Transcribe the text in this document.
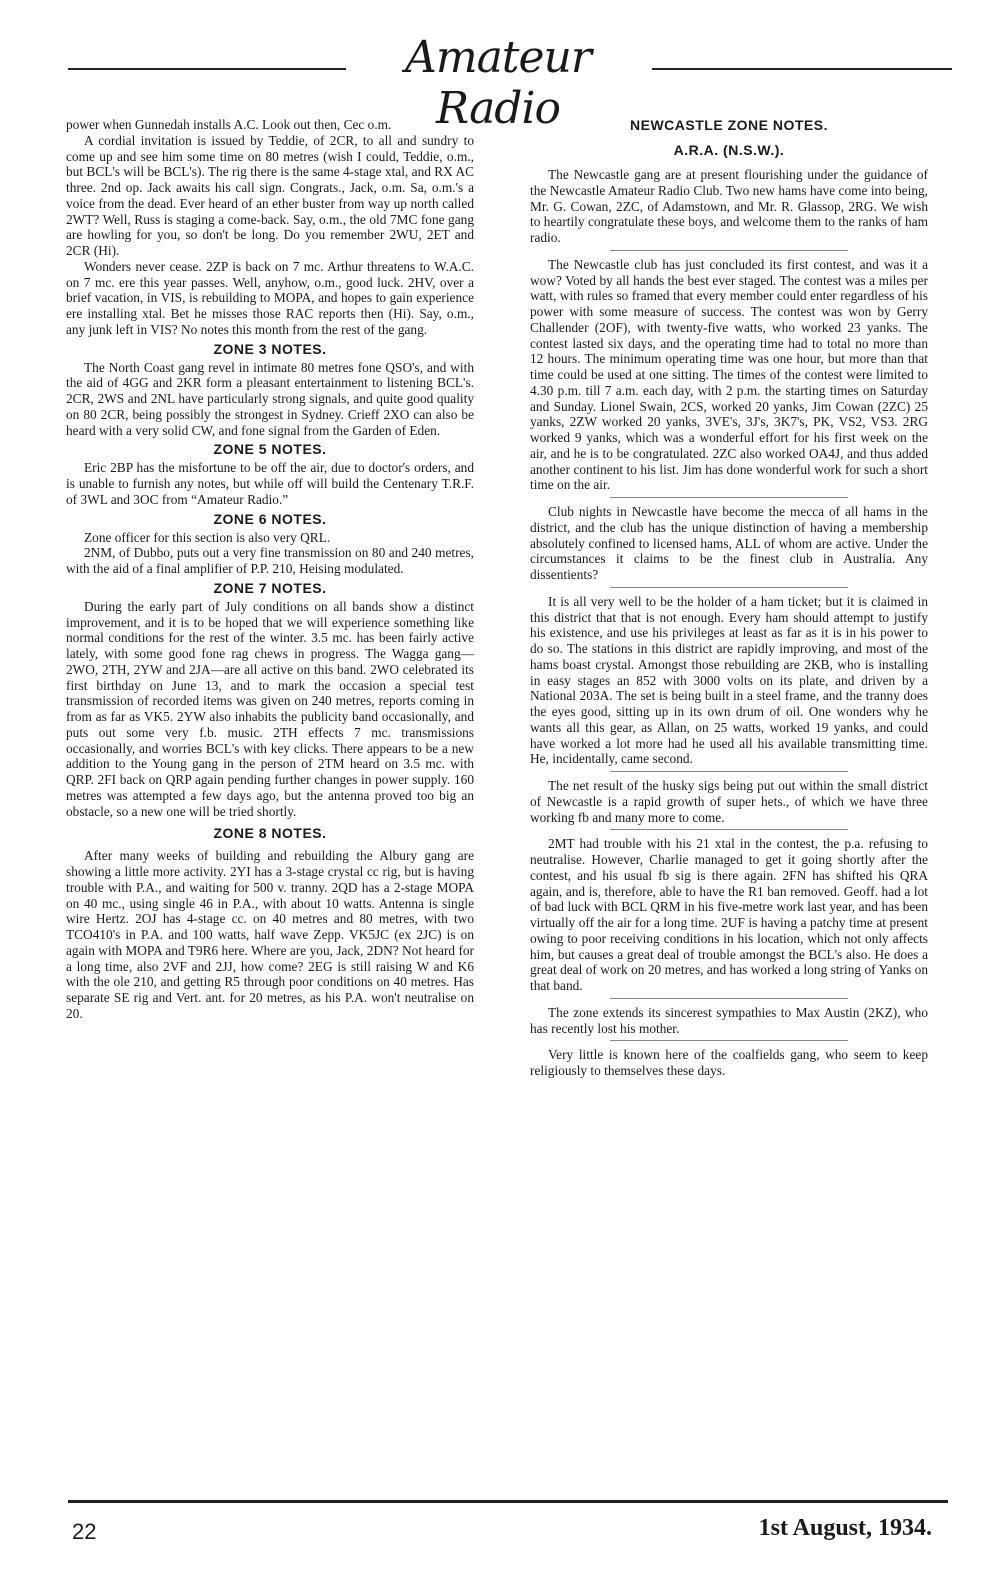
Amateur Radio

power when Gunnedah installs A.C. Look out then, Cec o.m.

A cordial invitation is issued by Teddie, of 2CR, to all and sundry to come up and see him some time on 80 metres (wish I could, Teddie, o.m., but BCL's will be BCL's). The rig there is the same 4-stage xtal, and RX AC three. 2nd op. Jack awaits his call sign. Congrats., Jack, o.m. Sa, o.m.'s a voice from the dead. Ever heard of an ether buster from way up north called 2WT? Well, Russ is staging a come-back. Say, o.m., the old 7MC fone gang are howling for you, so don't be long. Do you remember 2WU, 2ET and 2CR (Hi).

Wonders never cease. 2ZP is back on 7 mc. Arthur threatens to W.A.C. on 7 mc. ere this year passes. Well, anyhow, o.m., good luck. 2HV, over a brief vacation, in VIS, is rebuilding to MOPA, and hopes to gain experience ere installing xtal. Bet he misses those RAC reports then (Hi). Say, o.m., any junk left in VIS? No notes this month from the rest of the gang.

ZONE 3 NOTES.

The North Coast gang revel in intimate 80 metres fone QSO's, and with the aid of 4GG and 2KR form a pleasant entertainment to listening BCL's. 2CR, 2WS and 2NL have particularly strong signals, and quite good quality on 80 2CR, being possibly the strongest in Sydney. Crieff 2XO can also be heard with a very solid CW, and fone signal from the Garden of Eden.

ZONE 5 NOTES.

Eric 2BP has the misfortune to be off the air, due to doctor's orders, and is unable to furnish any notes, but while off will build the Centenary T.R.F. of 3WL and 3OC from “Amateur Radio.”

ZONE 6 NOTES.

Zone officer for this section is also very QRL.

2NM, of Dubbo, puts out a very fine transmission on 80 and 240 metres, with the aid of a final amplifier of P.P. 210, Heising modulated.

ZONE 7 NOTES.

During the early part of July conditions on all bands show a distinct improvement, and it is to be hoped that we will experience something like normal conditions for the rest of the winter. 3.5 mc. has been fairly active lately, with some good fone rag chews in progress. The Wagga gang—2WO, 2TH, 2YW and 2JA—are all active on this band. 2WO celebrated its first birthday on June 13, and to mark the occasion a special test transmission of recorded items was given on 240 metres, reports coming in from as far as VK5. 2YW also inhabits the publicity band occasionally, and puts out some very f.b. music. 2TH effects 7 mc. transmissions occasionally, and worries BCL's with key clicks. There appears to be a new addition to the Young gang in the person of 2TM heard on 3.5 mc. with QRP. 2FI back on QRP again pending further changes in power supply. 160 metres was attempted a few days ago, but the antenna proved too big an obstacle, so a new one will be tried shortly.

ZONE 8 NOTES.

After many weeks of building and rebuilding the Albury gang are showing a little more activity. 2YI has a 3-stage crystal cc rig, but is having trouble with P.A., and waiting for 500 v. tranny. 2QD has a 2-stage MOPA on 40 mc., using single 46 in P.A., with about 10 watts. Antenna is single wire Hertz. 2OJ has 4-stage cc. on 40 metres and 80 metres, with two TCO410's in P.A. and 100 watts, half wave Zepp. VK5JC (ex 2JC) is on again with MOPA and T9R6 here. Where are you, Jack, 2DN? Not heard for a long time, also 2VF and 2JJ, how come? 2EG is still raising W and K6 with the ole 210, and getting R5 through poor conditions on 40 metres. Has separate SE rig and Vert. ant. for 20 metres, as his P.A. won't neutralise on 20.

NEWCASTLE ZONE NOTES.
A.R.A. (N.S.W.).

The Newcastle gang are at present flourishing under the guidance of the Newcastle Amateur Radio Club. Two new hams have come into being, Mr. G. Cowan, 2ZC, of Adamstown, and Mr. R. Glassop, 2RG. We wish to heartily congratulate these boys, and welcome them to the ranks of ham radio.

The Newcastle club has just concluded its first contest, and was it a wow? Voted by all hands the best ever staged. The contest was a miles per watt, with rules so framed that every member could enter regardless of his power with some measure of success. The contest was won by Gerry Challender (2OF), with twenty-five watts, who worked 23 yanks. The contest lasted six days, and the operating time had to total no more than 12 hours. The minimum operating time was one hour, but more than that time could be used at one sitting. The times of the contest were limited to 4.30 p.m. till 7 a.m. each day, with 2 p.m. the starting times on Saturday and Sunday. Lionel Swain, 2CS, worked 20 yanks, Jim Cowan (2ZC) 25 yanks, 2ZW worked 20 yanks, 3VE's, 3J's, 3K7's, PK, VS2, VS3. 2RG worked 9 yanks, which was a wonderful effort for his first week on the air, and he is to be congratulated. 2ZC also worked OA4J, and thus added another continent to his list. Jim has done wonderful work for such a short time on the air.

Club nights in Newcastle have become the mecca of all hams in the district, and the club has the unique distinction of having a membership absolutely confined to licensed hams, ALL of whom are active. Under the circumstances it claims to be the finest club in Australia. Any dissentients?

It is all very well to be the holder of a ham ticket; but it is claimed in this district that that is not enough. Every ham should attempt to justify his existence, and use his privileges at least as far as it is in his power to do so. The stations in this district are rapidly improving, and most of the hams boast crystal. Amongst those rebuilding are 2KB, who is installing in easy stages an 852 with 3000 volts on its plate, and driven by a National 203A. The set is being built in a steel frame, and the tranny does the eyes good, sitting up in its own drum of oil. One wonders why he wants all this gear, as Allan, on 25 watts, worked 19 yanks, and could have worked a lot more had he used all his available transmitting time. He, incidentally, came second.

The net result of the husky sigs being put out within the small district of Newcastle is a rapid growth of super hets., of which we have three working fb and many more to come.

2MT had trouble with his 21 xtal in the contest, the p.a. refusing to neutralise. However, Charlie managed to get it going shortly after the contest, and his usual fb sig is there again. 2FN has shifted his QRA again, and is, therefore, able to have the R1 ban removed. Geoff. had a lot of bad luck with BCL QRM in his five-metre work last year, and has been virtually off the air for a long time. 2UF is having a patchy time at present owing to poor receiving conditions in his location, which not only affects him, but causes a great deal of trouble amongst the BCL's also. He does a great deal of work on 20 metres, and has worked a long string of Yanks on that band.

The zone extends its sincerest sympathies to Max Austin (2KZ), who has recently lost his mother.

Very little is known here of the coalfields gang, who seem to keep religiously to themselves these days.

22	1st August, 1934.
